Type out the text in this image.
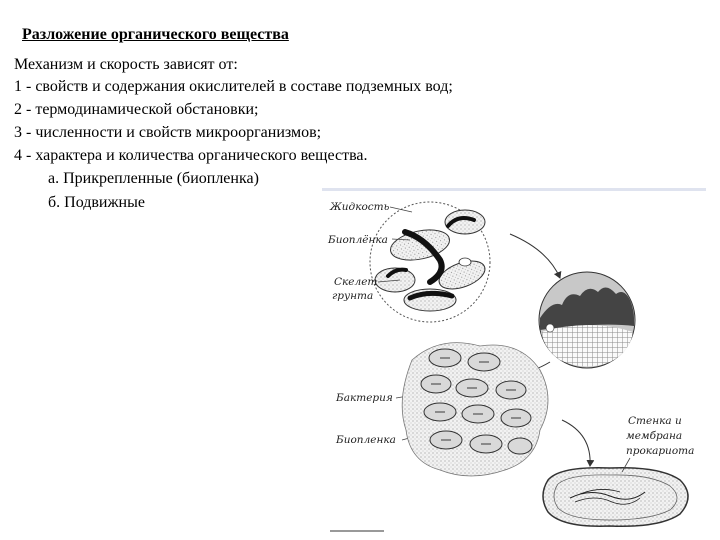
Разложение органического вещества
Механизм и скорость зависят от:
1 - свойств и содержания окислителей в составе подземных вод;
2 - термодинамической обстановки;
3 - численности и свойств микроорганизмов;
4 - характера и количества органического вещества.
а. Прикрепленные (биопленка)
б. Подвижные	Жидкость
Биоплёнка
Скелет
грунта
Бактерия
Биопленка
Стенка и
мембрана
прокариота
